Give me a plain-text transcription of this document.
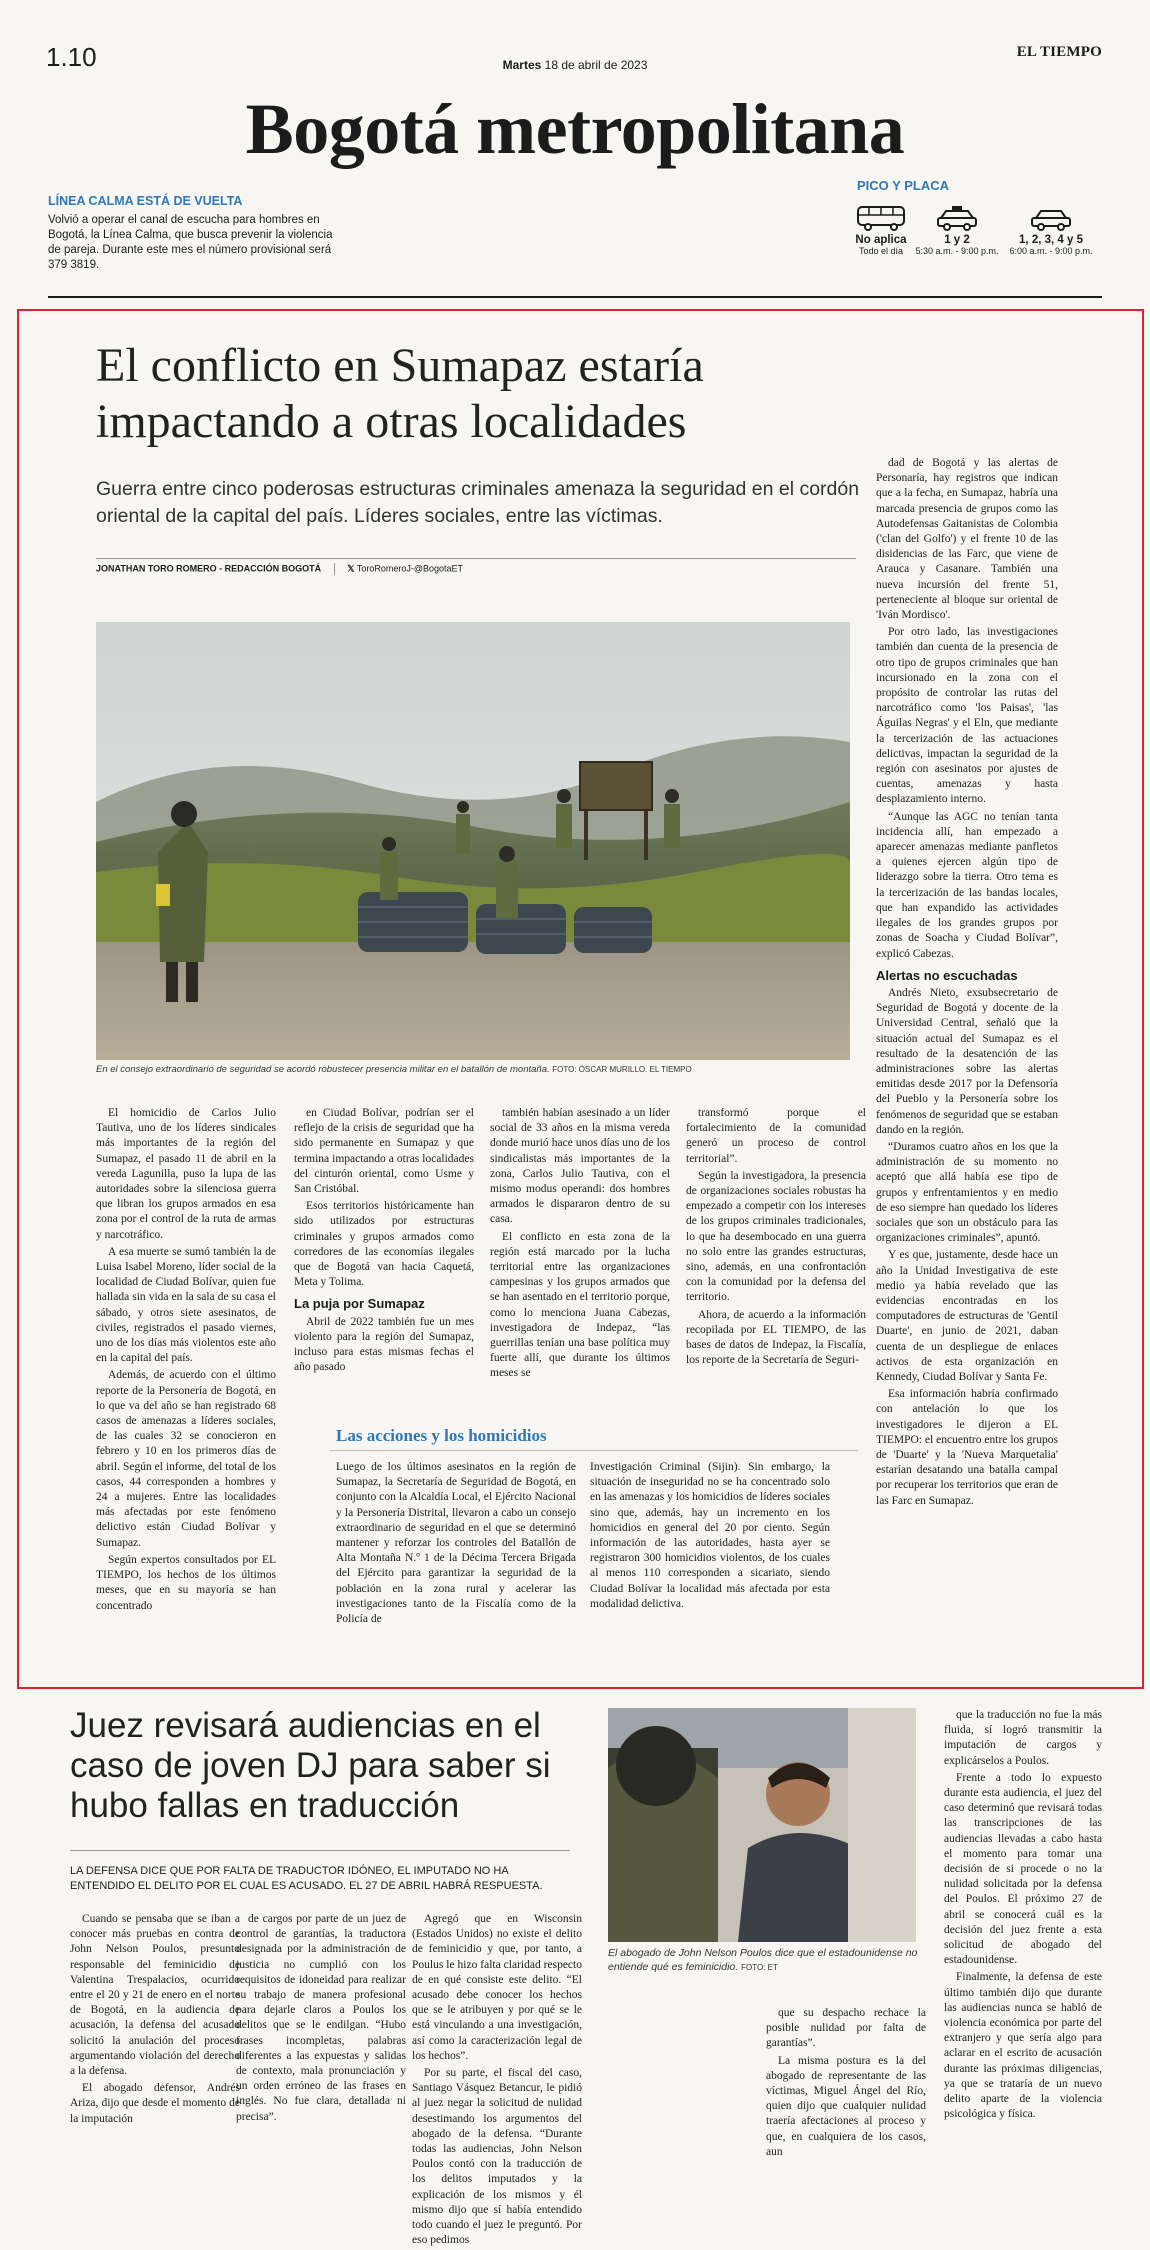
1.10	Martes 18 de abril de 2023
EL TIEMPO
Bogotá metropolitana
LÍNEA CALMA ESTÁ DE VUELTA
Volvió a operar el canal de escucha para hombres en Bogotá, la Línea Calma, que busca prevenir la violencia de pareja. Durante este mes el número provisional será 379 3819.
PICO Y PLACA
No aplica
Todo el día
1 y 2
5:30 a.m. - 9:00 p.m.
1, 2, 3, 4 y 5
6:00 a.m. - 9:00 p.m.
El conflicto en Sumapaz estaría impactando a otras localidades
Guerra entre cinco poderosas estructuras criminales amenaza la seguridad en el cordón oriental de la capital del país. Líderes sociales, entre las víctimas.
JONATHAN TORO ROMERO - REDACCIÓN BOGOTÁ	𝕏 ToroRomeroJ-@BogotaET
En el consejo extraordinario de seguridad se acordó robustecer presencia militar en el batallón de montaña. FOTO: ÓSCAR MURILLO. EL TIEMPO

El homicidio de Carlos Julio Tautiva, uno de los líderes sindicales más importantes de la región del Sumapaz, el pasado 11 de abril en la vereda Lagunilla, puso la lupa de las autoridades sobre la silenciosa guerra que libran los grupos armados en esa zona por el control de la ruta de armas y narcotráfico.

A esa muerte se sumó también la de Luisa Isabel Moreno, líder social de la localidad de Ciudad Bolívar, quien fue hallada sin vida en la sala de su casa el sábado, y otros siete asesinatos, de civiles, registrados el pasado viernes, uno de los días más violentos este año en la capital del país.

Además, de acuerdo con el último reporte de la Personería de Bogotá, en lo que va del año se han registrado 68 casos de amenazas a líderes sociales, de las cuales 32 se conocieron en febrero y 10 en los primeros días de abril. Según el informe, del total de los casos, 44 corresponden a hombres y 24 a mujeres. Entre las localidades más afectadas por este fenómeno delictivo están Ciudad Bolívar y Sumapaz.

Según expertos consultados por EL TIEMPO, los hechos de los últimos meses, que en su mayoría se han concentrado

en Ciudad Bolívar, podrían ser el reflejo de la crisis de seguridad que ha sido permanente en Sumapaz y que termina impactando a otras localidades del cinturón oriental, como Usme y San Cristóbal.

Esos territorios históricamente han sido utilizados por estructuras criminales y grupos armados como corredores de las economías ilegales que de Bogotá van hacia Caquetá, Meta y Tolima.

La puja por Sumapaz

Abril de 2022 también fue un mes violento para la región del Sumapaz, incluso para estas mismas fechas el año pasado

también habían asesinado a un líder social de 33 años en la misma vereda donde murió hace unos días uno de los sindicalistas más importantes de la zona, Carlos Julio Tautiva, con el mismo modus operandi: dos hombres armados le dispararon dentro de su casa.

El conflicto en esta zona de la región está marcado por la lucha territorial entre las organizaciones campesinas y los grupos armados que se han asentado en el territorio porque, como lo menciona Juana Cabezas, investigadora de Indepaz, “las guerrillas tenían una base política muy fuerte allí, que durante los últimos meses se

transformó porque el fortalecimiento de la comunidad generó un proceso de control territorial”.

Según la investigadora, la presencia de organizaciones sociales robustas ha empezado a competir con los intereses de los grupos criminales tradicionales, lo que ha desembocado en una guerra no solo entre las grandes estructuras, sino, además, en una confrontación con la comunidad por la defensa del territorio.

Ahora, de acuerdo a la información recopilada por EL TIEMPO, de las bases de datos de Indepaz, la Fiscalía, los reporte de la Secretaría de Seguri-

dad de Bogotá y las alertas de Personaría, hay registros que indican que a la fecha, en Sumapaz, habría una marcada presencia de grupos como las Autodefensas Gaitanistas de Colombia ('clan del Golfo') y el frente 10 de las disidencias de las Farc, que viene de Arauca y Casanare. También una nueva incursión del frente 51, perteneciente al bloque sur oriental de 'Iván Mordisco'.

Por otro lado, las investigaciones también dan cuenta de la presencia de otro tipo de grupos criminales que han incursionado en la zona con el propósito de controlar las rutas del narcotráfico como 'los Paisas', 'las Águilas Negras' y el Eln, que mediante la tercerización de las actuaciones delictivas, impactan la seguridad de la región con asesinatos por ajustes de cuentas, amenazas y hasta desplazamiento interno.

“Aunque las AGC no tenían tanta incidencia allí, han empezado a aparecer amenazas mediante panfletos a quienes ejercen algún tipo de liderazgo sobre la tierra. Otro tema es la tercerización de las bandas locales, que han expandido las actividades ilegales de los grandes grupos por zonas de Soacha y Ciudad Bolívar”, explicó Cabezas.

Alertas no escuchadas

Andrés Nieto, exsubsecretario de Seguridad de Bogotá y docente de la Universidad Central, señaló que la situación actual del Sumapaz es el resultado de la desatención de las administraciones sobre las alertas emitidas desde 2017 por la Defensoría del Pueblo y la Personería sobre los fenómenos de seguridad que se estaban dando en la región.

“Duramos cuatro años en los que la administración de su momento no aceptó que allá había ese tipo de grupos y enfrentamientos y en medio de eso siempre han quedado los líderes sociales que son un obstáculo para las organizaciones criminales”, apuntó.

Y es que, justamente, desde hace un año la Unidad Investigativa de este medio ya había revelado que las evidencias encontradas en los computadores de estructuras de 'Gentil Duarte', en junio de 2021, daban cuenta de un despliegue de enlaces activos de esta organización en Kennedy, Ciudad Bolívar y Santa Fe.

Esa información habría confirmado con antelación lo que los investigadores le dijeron a EL TIEMPO: el encuentro entre los grupos de 'Duarte' y la 'Nueva Marquetalia' estarían desatando una batalla campal por recuperar los territorios que eran de las Farc en Sumapaz.

Las acciones y los homicidios

Luego de los últimos asesinatos en la región de Sumapaz, la Secretaría de Seguridad de Bogotá, en conjunto con la Alcaldía Local, el Ejército Nacional y la Personería Distrital, llevaron a cabo un consejo extraordinario de seguridad en el que se determinó mantener y reforzar los controles del Batallón de Alta Montaña N.º 1 de la Décima Tercera Brigada del Ejército para garantizar la seguridad de la población en la zona rural y acelerar las investigaciones tanto de la Fiscalía como de la Policía de

Investigación Criminal (Sijin). Sin embargo, la situación de inseguridad no se ha concentrado solo en las amenazas y los homicidios de líderes sociales sino que, además, hay un incremento en los homicidios en general del 20 por ciento. Según información de las autoridades, hasta ayer se registraron 300 homicidios violentos, de los cuales al menos 110 corresponden a sicariato, siendo Ciudad Bolívar la localidad más afectada por esta modalidad delictiva.

Juez revisará audiencias en el caso de joven DJ para saber si hubo fallas en traducción
LA DEFENSA DICE QUE POR FALTA DE TRADUCTOR IDÓNEO, EL IMPUTADO NO HA ENTENDIDO EL DELITO POR EL CUAL ES ACUSADO. EL 27 DE ABRIL HABRÁ RESPUESTA.
El abogado de John Nelson Poulos dice que el estadounidense no entiende qué es feminicidio. FOTO: ET

Cuando se pensaba que se iban a conocer más pruebas en contra de John Nelson Poulos, presunto responsable del feminicidio de Valentina Trespalacios, ocurrido entre el 20 y 21 de enero en el norte de Bogotá, en la audiencia de acusación, la defensa del acusado solicitó la anulación del proceso argumentando violación del derecho a la defensa.

El abogado defensor, Andrés Ariza, dijo que desde el momento de la imputación

de cargos por parte de un juez de control de garantías, la traductora designada por la administración de justicia no cumplió con los requisitos de idoneidad para realizar su trabajo de manera profesional para dejarle claros a Poulos los delitos que se le endilgan. “Hubo frases incompletas, palabras diferentes a las expuestas y salidas de contexto, mala pronunciación y un orden erróneo de las frases en inglés. No fue clara, detallada ni precisa”.

Agregó que en Wisconsin (Estados Unidos) no existe el delito de feminicidio y que, por tanto, a Poulus le hizo falta claridad respecto de en qué consiste este delito. “El acusado debe conocer los hechos que se le atribuyen y por qué se le está vinculando a una investigación, así como la caracterización legal de los hechos”.

Por su parte, el fiscal del caso, Santiago Vásquez Betancur, le pidió al juez negar la solicitud de nulidad desestimando los argumentos del abogado de la defensa. “Durante todas las audiencias, John Nelson Poulos contó con la traducción de los delitos imputados y la explicación de los mismos y él mismo dijo que sí había entendido todo cuando el juez le preguntó. Por eso pedimos

que su despacho rechace la posible nulidad por falta de garantías”.

La misma postura es la del abogado de representante de las víctimas, Miguel Ángel del Río, quien dijo que cualquier nulidad traería afectaciones al proceso y que, en cualquiera de los casos, aun

que la traducción no fue la más fluida, sí logró transmitir la imputación de cargos y explicárselos a Poulos.

Frente a todo lo expuesto durante esta audiencia, el juez del caso determinó que revisará todas las transcripciones de las audiencias llevadas a cabo hasta el momento para tomar una decisión de si procede o no la nulidad solicitada por la defensa del Poulos. El próximo 27 de abril se conocerá cuál es la decisión del juez frente a esta solicitud de abogado del estadounidense.

Finalmente, la defensa de este último también dijo que durante las audiencias nunca se habló de violencia económica por parte del extranjero y que sería algo para aclarar en el escrito de acusación durante las próximas diligencias, ya que se trataría de un nuevo delito aparte de la violencia psicológica y física.
